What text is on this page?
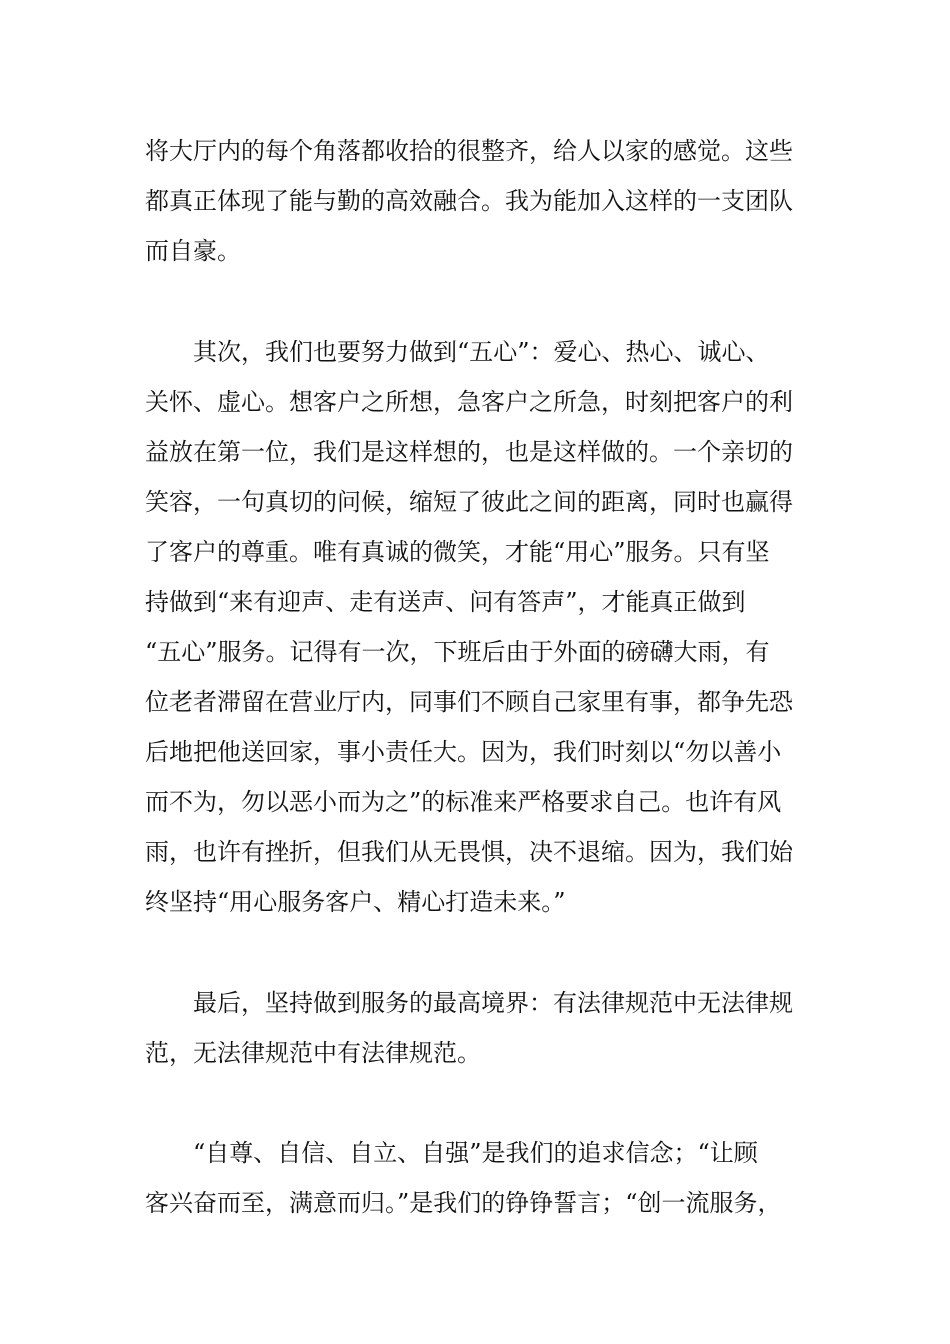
将大厅内的每个角落都收拾的很整齐，给人以家的感觉。这些
都真正体现了能与勤的高效融合。我为能加入这样的一支团队
而自豪。
其次，我们也要努力做到“五心”：爱心、热心、诚心、
关怀、虚心。想客户之所想，急客户之所急，时刻把客户的利
益放在第一位，我们是这样想的，也是这样做的。一个亲切的
笑容，一句真切的问候，缩短了彼此之间的距离，同时也赢得
了客户的尊重。唯有真诚的微笑，才能“用心”服务。只有坚
持做到“来有迎声、走有送声、问有答声”，才能真正做到
“五心”服务。记得有一次，下班后由于外面的磅礴大雨，有
位老者滞留在营业厅内，同事们不顾自己家里有事，都争先恐
后地把他送回家，事小责任大。因为，我们时刻以“勿以善小
而不为，勿以恶小而为之”的标准来严格要求自己。也许有风
雨，也许有挫折，但我们从无畏惧，决不退缩。因为，我们始
终坚持“用心服务客户、精心打造未来。”
最后，坚持做到服务的最高境界：有法律规范中无法律规
范，无法律规范中有法律规范。
“自尊、自信、自立、自强”是我们的追求信念；“让顾
客兴奋而至，满意而归。”是我们的铮铮誓言；“创一流服务，
